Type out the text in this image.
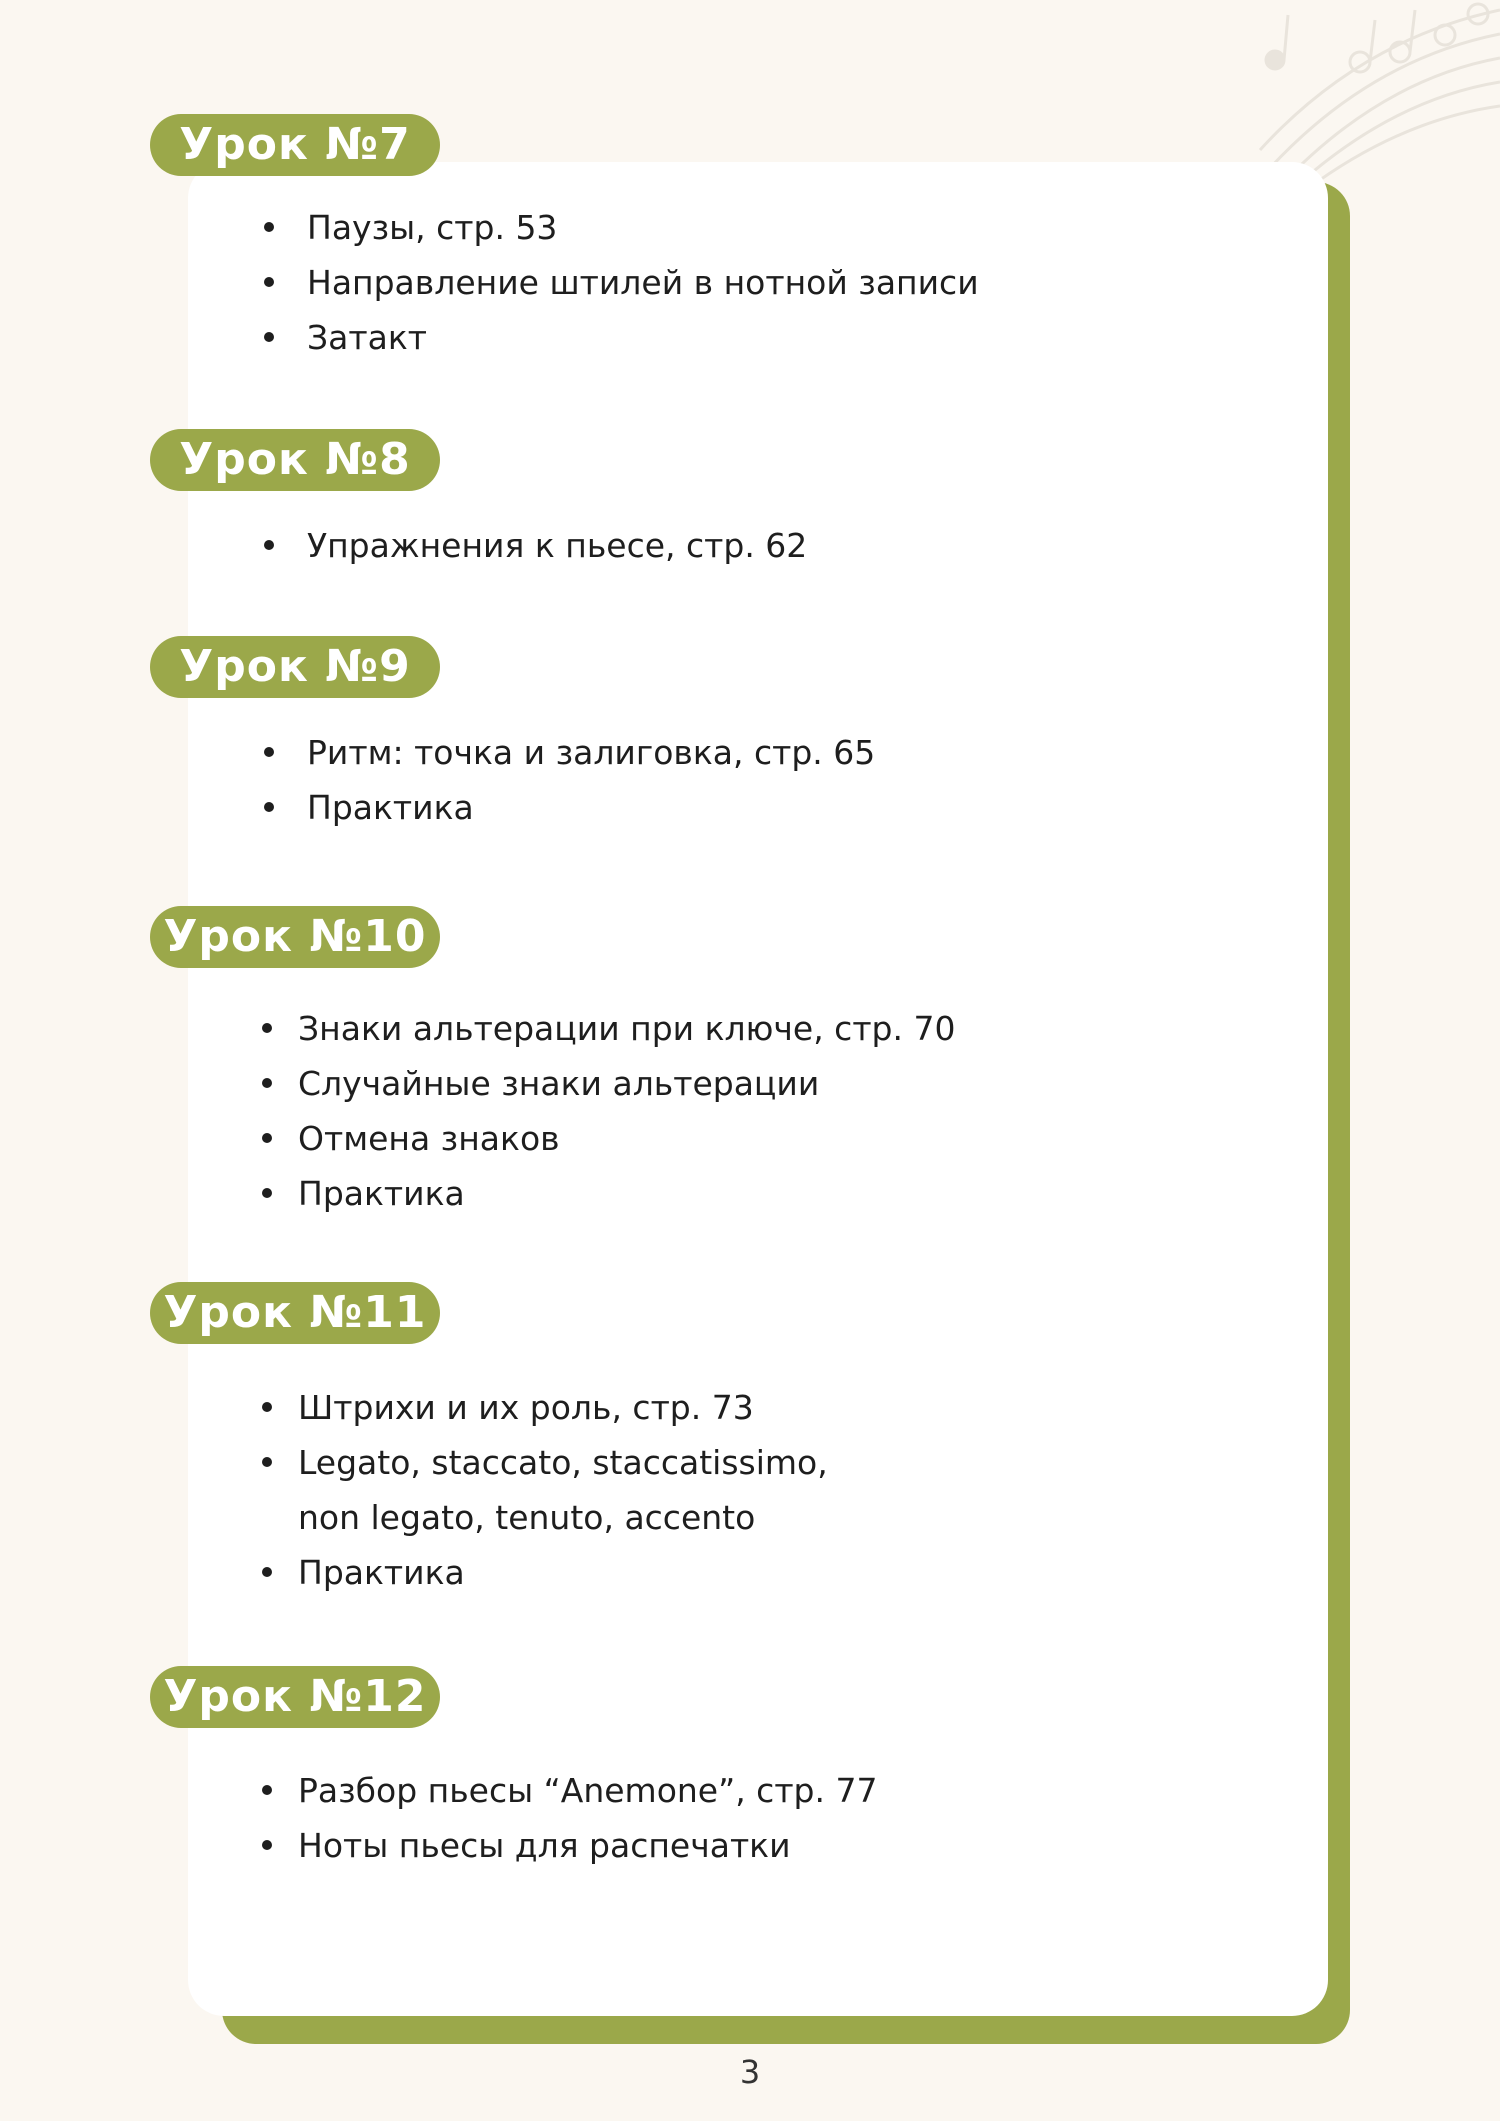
Урок №7
Паузы, стр. 53
Направление штилей в нотной записи
Затакт
Урок №8
Упражнения к пьесе, стр. 62
Урок №9
Ритм: точка и залиговка, стр. 65
Практика
Урок №10
Знаки альтерации при ключе, стр. 70
Случайные знаки альтерации
Отмена знаков
Практика
Урок №11
Штрихи и их роль, стр. 73
Legato, staccato, staccatissimo,
non legato, tenuto, accento
Практика
Урок №12
Разбор пьесы “Anemone”, стр. 77
Ноты пьесы для распечатки
3
